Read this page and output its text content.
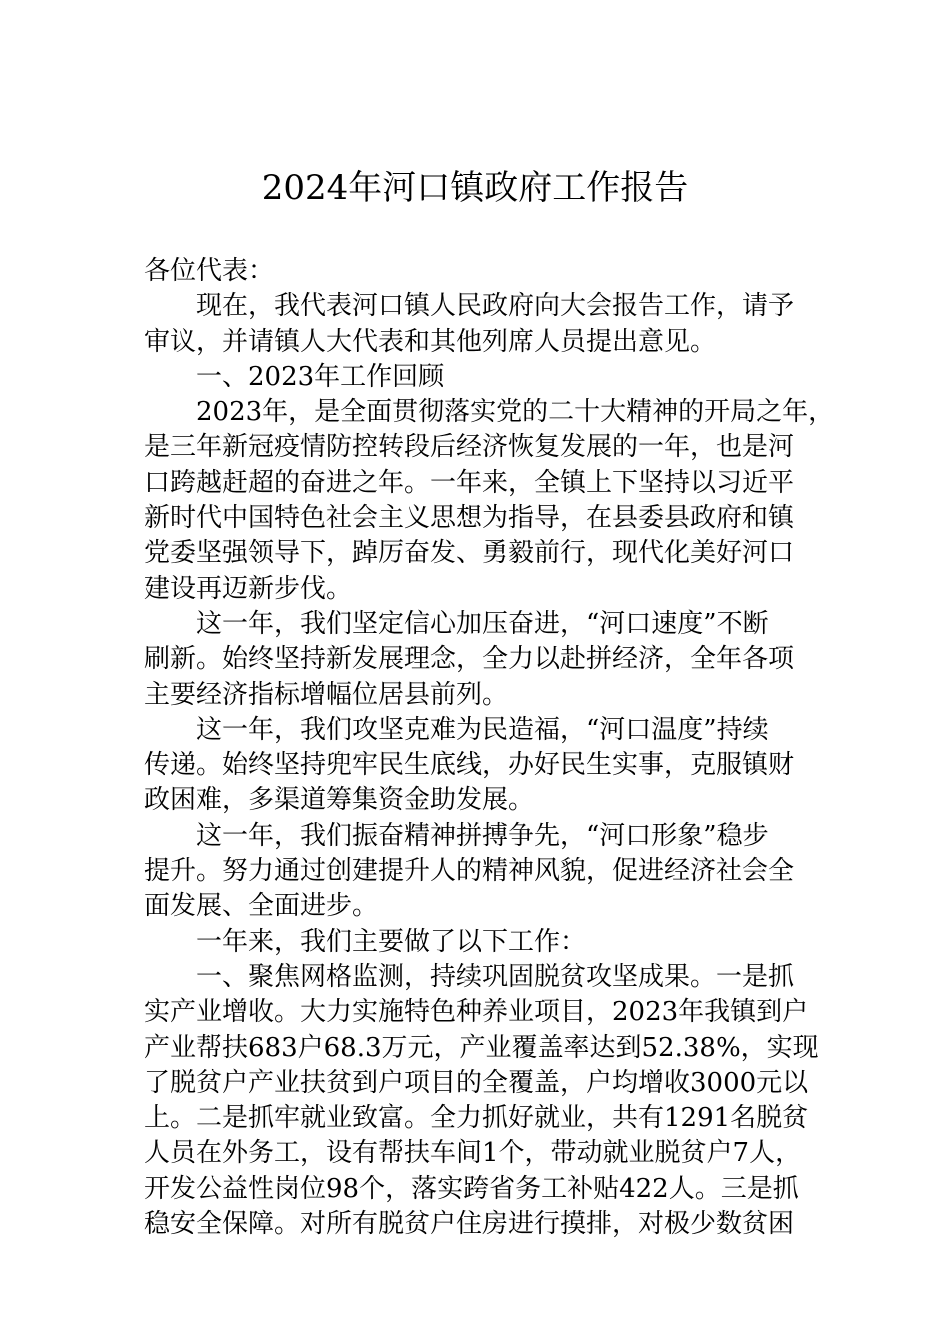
2024年河口镇政府工作报告
各位代表：
现在，我代表河口镇人民政府向大会报告工作，请予
审议，并请镇人大代表和其他列席人员提出意见。
一、2023年工作回顾
2023年，是全面贯彻落实党的二十大精神的开局之年，
是三年新冠疫情防控转段后经济恢复发展的一年，也是河
口跨越赶超的奋进之年。一年来，全镇上下坚持以习近平
新时代中国特色社会主义思想为指导，在县委县政府和镇
党委坚强领导下，踔厉奋发、勇毅前行，现代化美好河口
建设再迈新步伐。
这一年，我们坚定信心加压奋进，“河口速度”不断
刷新。始终坚持新发展理念，全力以赴拼经济，全年各项
主要经济指标增幅位居县前列。
这一年，我们攻坚克难为民造福，“河口温度”持续
传递。始终坚持兜牢民生底线，办好民生实事，克服镇财
政困难，多渠道筹集资金助发展。
这一年，我们振奋精神拼搏争先，“河口形象”稳步
提升。努力通过创建提升人的精神风貌，促进经济社会全
面发展、全面进步。
一年来，我们主要做了以下工作：
一、聚焦网格监测，持续巩固脱贫攻坚成果。一是抓
实产业增收。大力实施特色种养业项目，2023年我镇到户
产业帮扶683户68.3万元，产业覆盖率达到52.38%，实现
了脱贫户产业扶贫到户项目的全覆盖，户均增收3000元以
上。二是抓牢就业致富。全力抓好就业，共有1291名脱贫
人员在外务工，设有帮扶车间1个，带动就业脱贫户7人，
开发公益性岗位98个，落实跨省务工补贴422人。三是抓
稳安全保障。对所有脱贫户住房进行摸排，对极少数贫困
